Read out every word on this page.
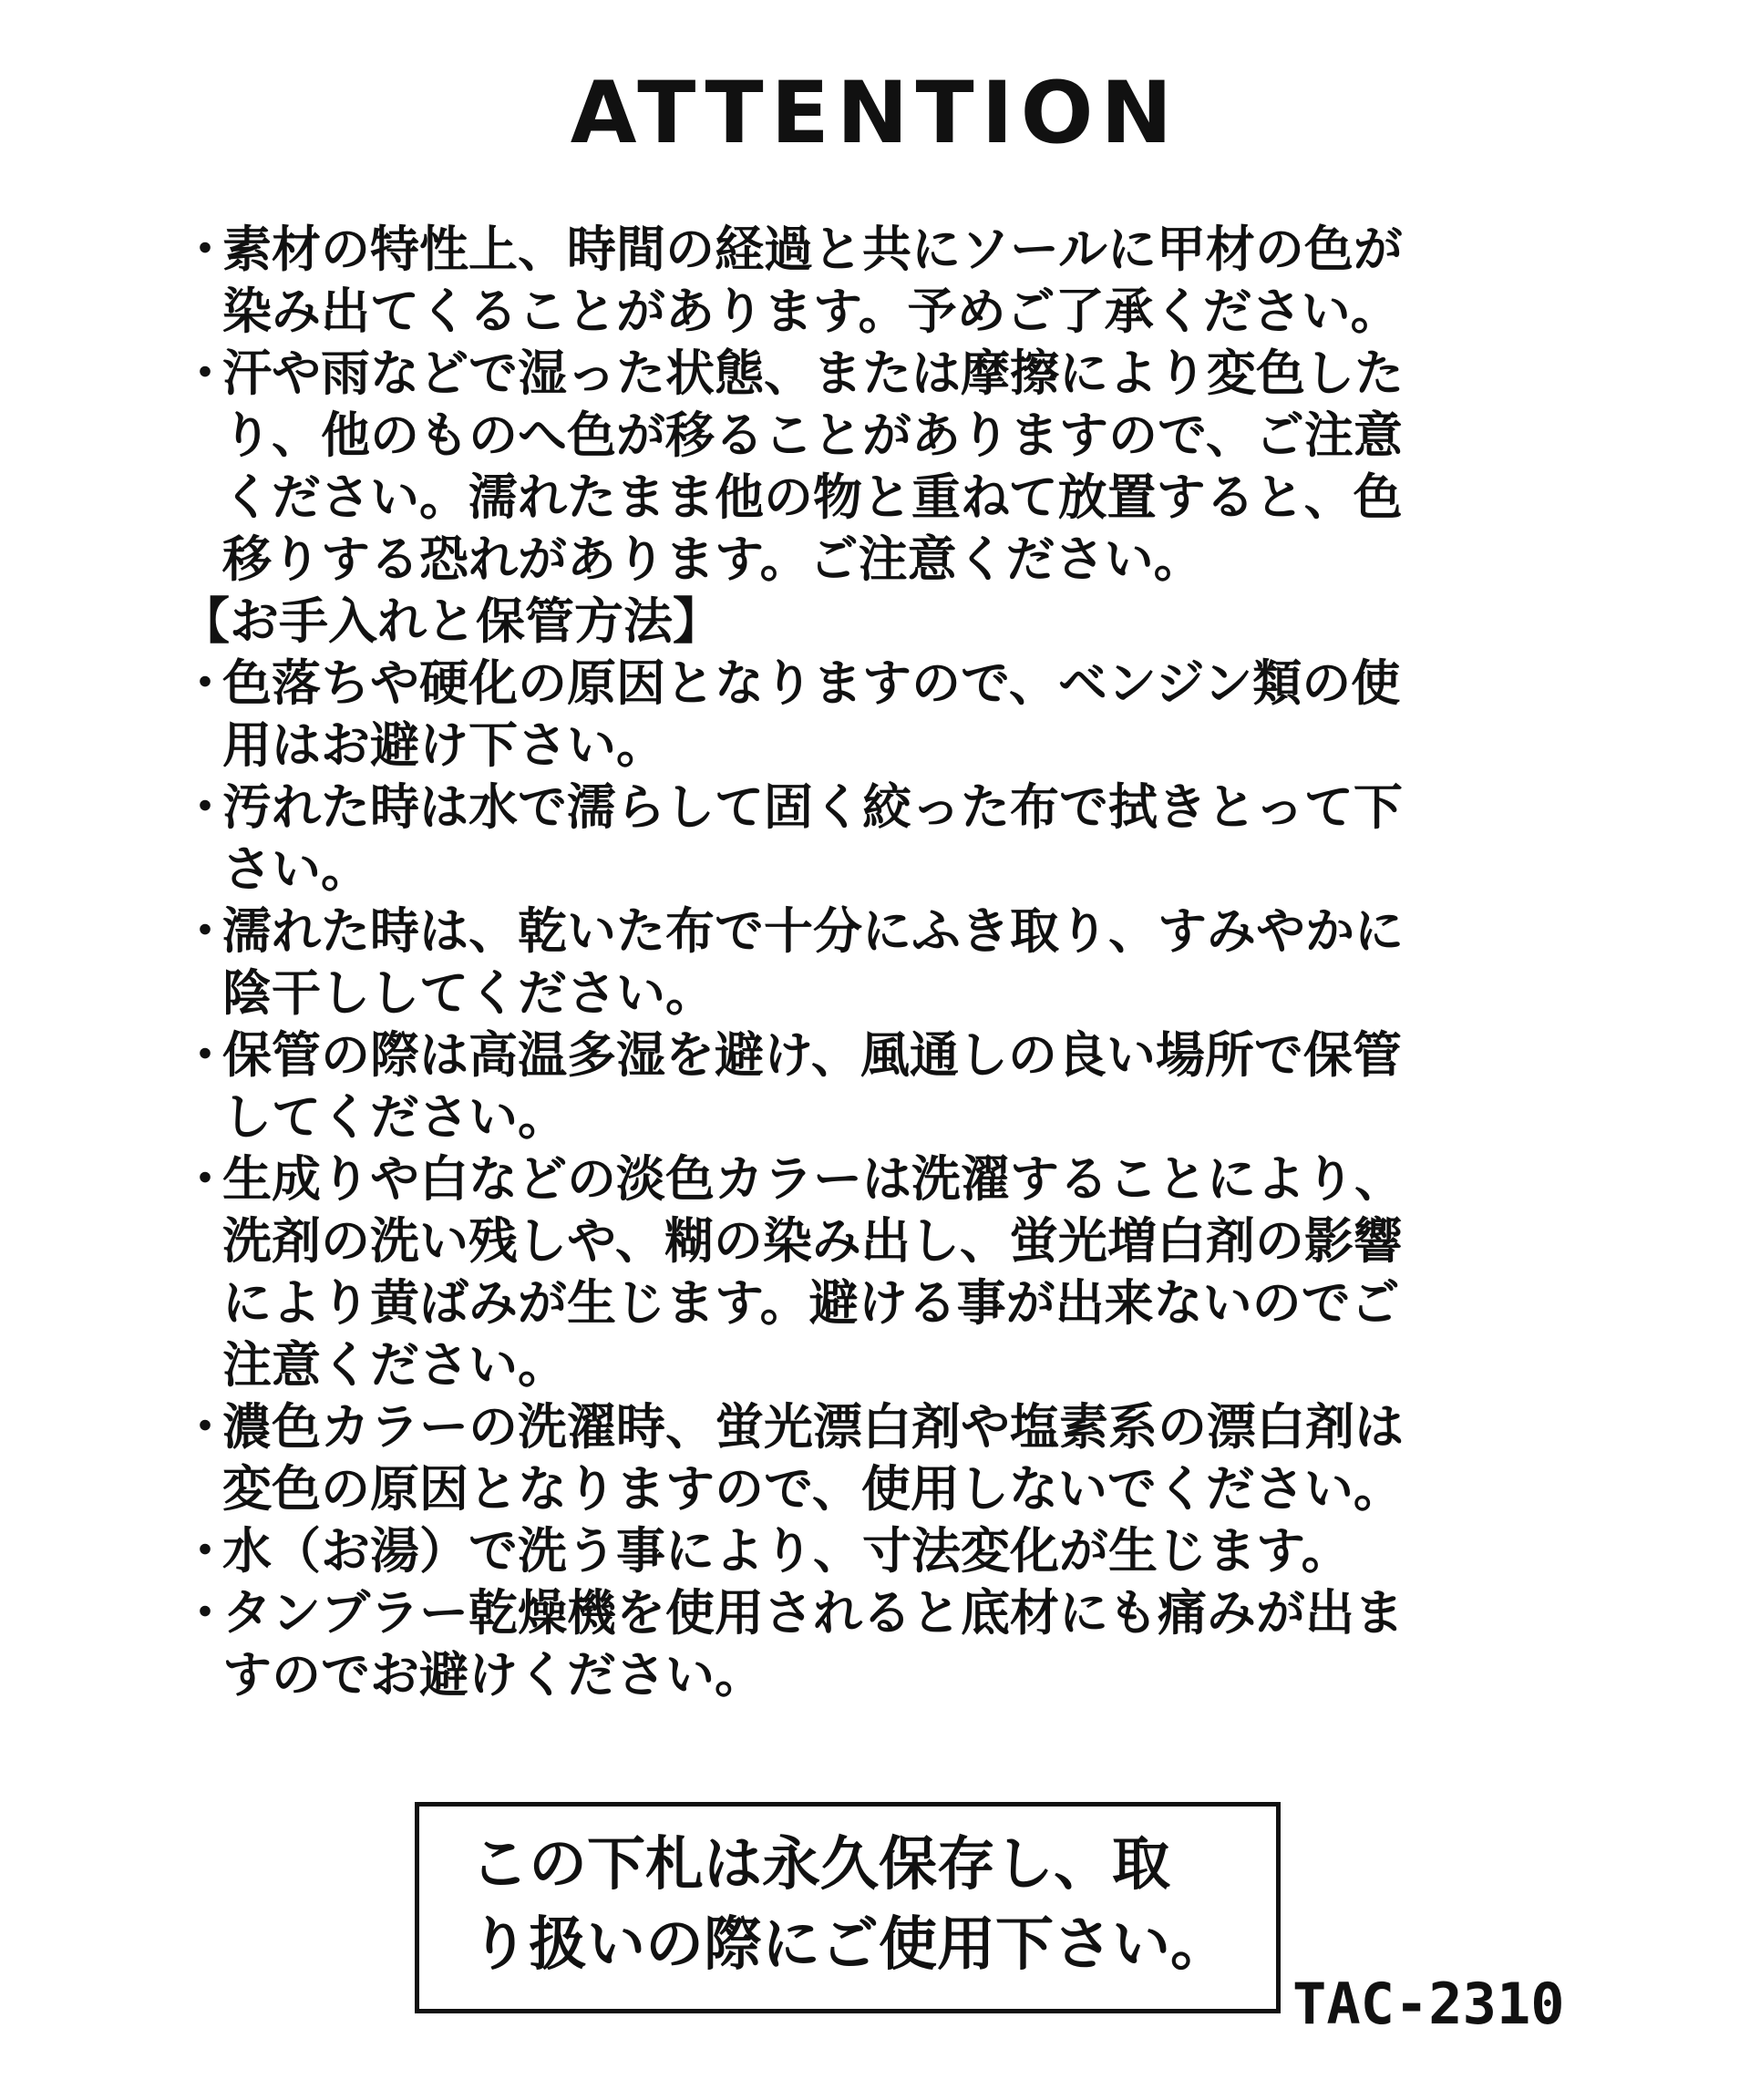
ATTENTION
・
素材の特性上、時間の経過と共にソールに甲材の色が
染み出てくることがあります。予めご了承ください。
・
汗や雨などで湿った状態、または摩擦により変色した
り、他のものへ色が移ることがありますので、ご注意
ください。濡れたまま他の物と重ねて放置すると、色
移りする恐れがあります。ご注意ください。
【お手入れと保管方法】
・
色落ちや硬化の原因となりますので、ベンジン類の使
用はお避け下さい。
・
汚れた時は水で濡らして固く絞った布で拭きとって下
さい。
・
濡れた時は、乾いた布で十分にふき取り、すみやかに
陰干ししてください。
・
保管の際は高温多湿を避け、風通しの良い場所で保管
してください。
・
生成りや白などの淡色カラーは洗濯することにより、
洗剤の洗い残しや、糊の染み出し、蛍光増白剤の影響
により黄ばみが生じます。避ける事が出来ないのでご
注意ください。
・
濃色カラーの洗濯時、蛍光漂白剤や塩素系の漂白剤は
変色の原因となりますので、使用しないでください。
・
水（お湯）で洗う事により、寸法変化が生じます。
・
タンブラー乾燥機を使用されると底材にも痛みが出ま
すのでお避けください。
この下札は永久保存し、取
り扱いの際にご使用下さい。
TAC-2310
